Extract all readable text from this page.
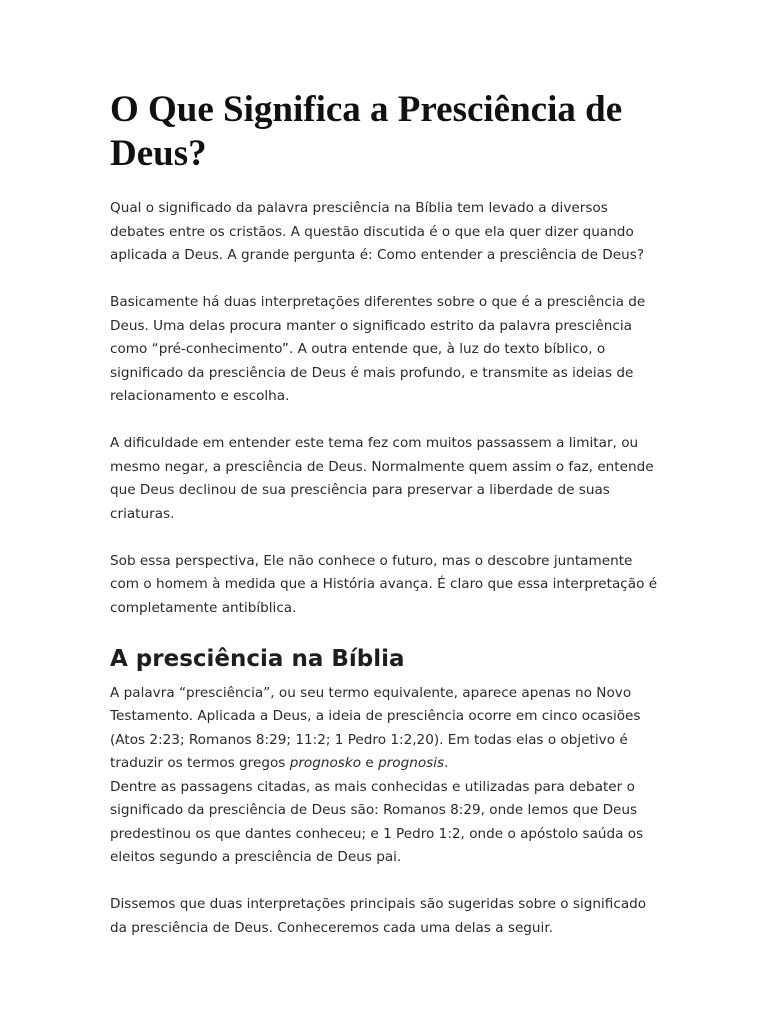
O Que Significa a Presciência de Deus?

Qual o significado da palavra presciência na Bíblia tem levado a diversos debates entre os cristãos. A questão discutida é o que ela quer dizer quando aplicada a Deus. A grande pergunta é: Como entender a presciência de Deus?

Basicamente há duas interpretações diferentes sobre o que é a presciência de Deus. Uma delas procura manter o significado estrito da palavra presciência como “pré-conhecimento”. A outra entende que, à luz do texto bíblico, o significado da presciência de Deus é mais profundo, e transmite as ideias de relacionamento e escolha.

A dificuldade em entender este tema fez com muitos passassem a limitar, ou mesmo negar, a presciência de Deus. Normalmente quem assim o faz, entende que Deus declinou de sua presciência para preservar a liberdade de suas criaturas.

Sob essa perspectiva, Ele não conhece o futuro, mas o descobre juntamente com o homem à medida que a História avança. É claro que essa interpretação é completamente antibíblica.

A presciência na Bíblia

A palavra “presciência”, ou seu termo equivalente, aparece apenas no Novo Testamento. Aplicada a Deus, a ideia de presciência ocorre em cinco ocasiões (Atos 2:23; Romanos 8:29; 11:2; 1 Pedro 1:2,20). Em todas elas o objetivo é traduzir os termos gregos prognosko e prognosis.

Dentre as passagens citadas, as mais conhecidas e utilizadas para debater o significado da presciência de Deus são: Romanos 8:29, onde lemos que Deus predestinou os que dantes conheceu; e 1 Pedro 1:2, onde o apóstolo saúda os eleitos segundo a presciência de Deus pai.

Dissemos que duas interpretações principais são sugeridas sobre o significado da presciência de Deus. Conheceremos cada uma delas a seguir.
